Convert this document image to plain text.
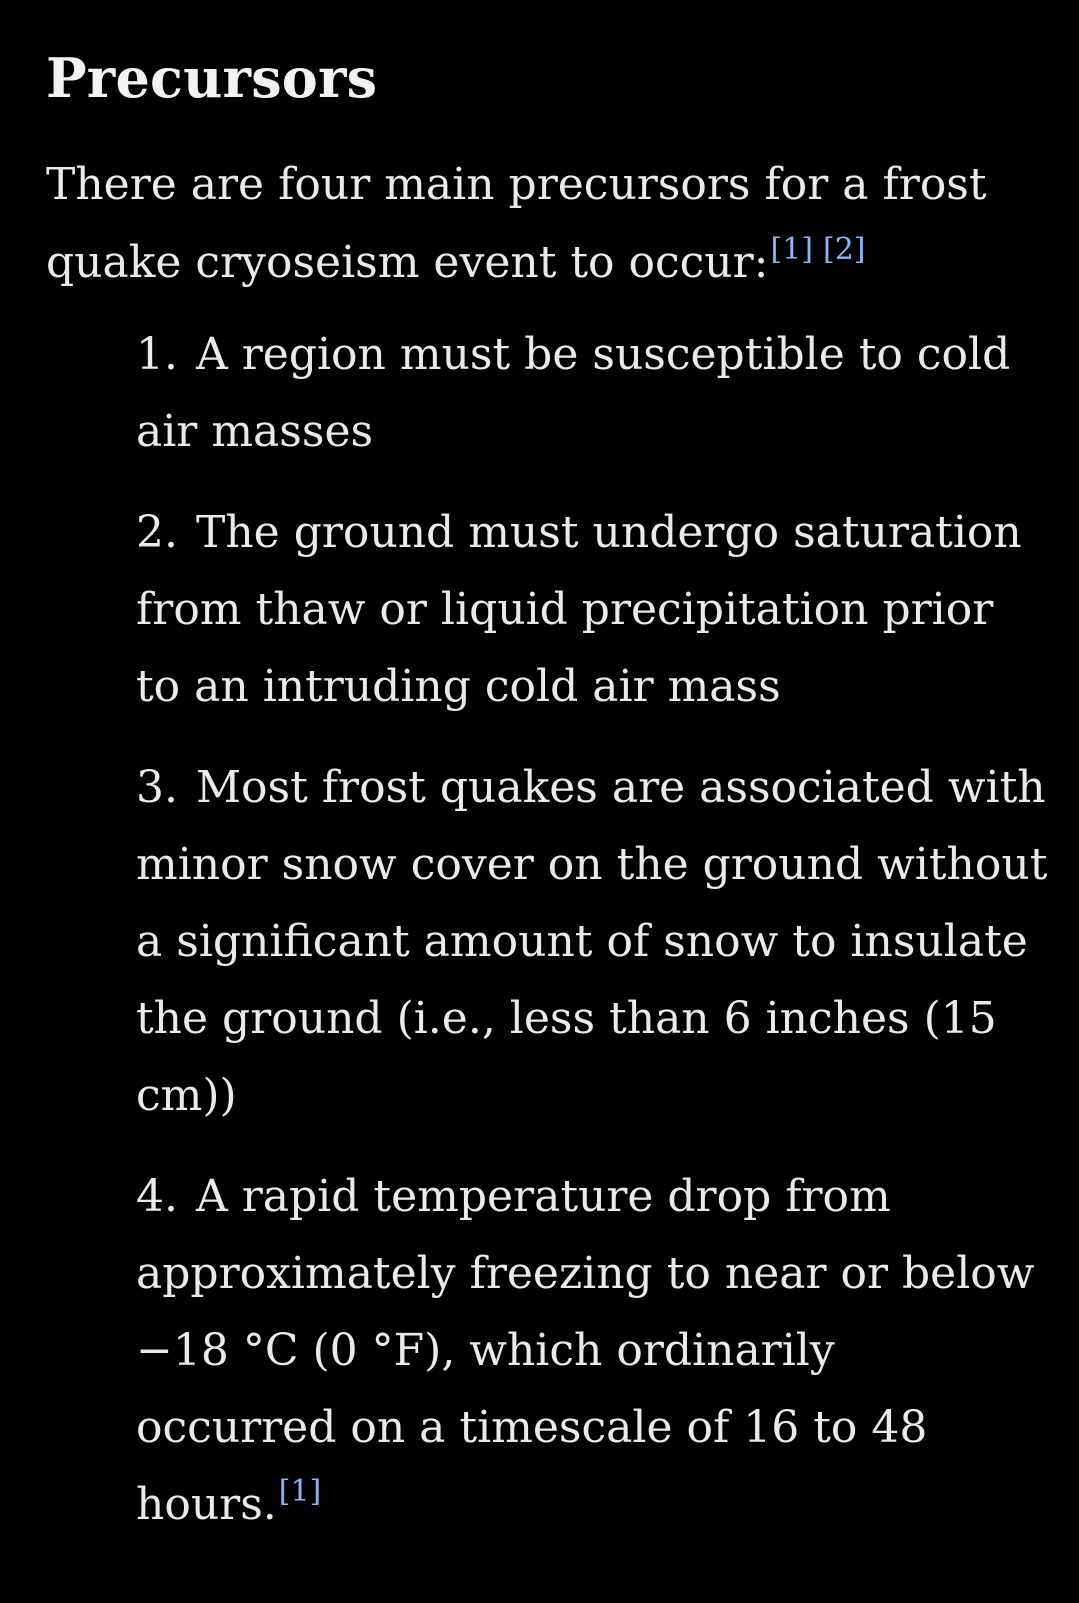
Precursors

There are four main precursors for a frost quake cryoseism event to occur:[1] [2]

1. A region must be susceptible to cold air masses
2. The ground must undergo saturation from thaw or liquid precipitation prior to an intruding cold air mass
3. Most frost quakes are associated with minor snow cover on the ground without a significant amount of snow to insulate the ground (i.e., less than 6 inches (15 cm))
4. A rapid temperature drop from approximately freezing to near or below −18 °C (0 °F), which ordinarily occurred on a timescale of 16 to 48 hours.[1]
